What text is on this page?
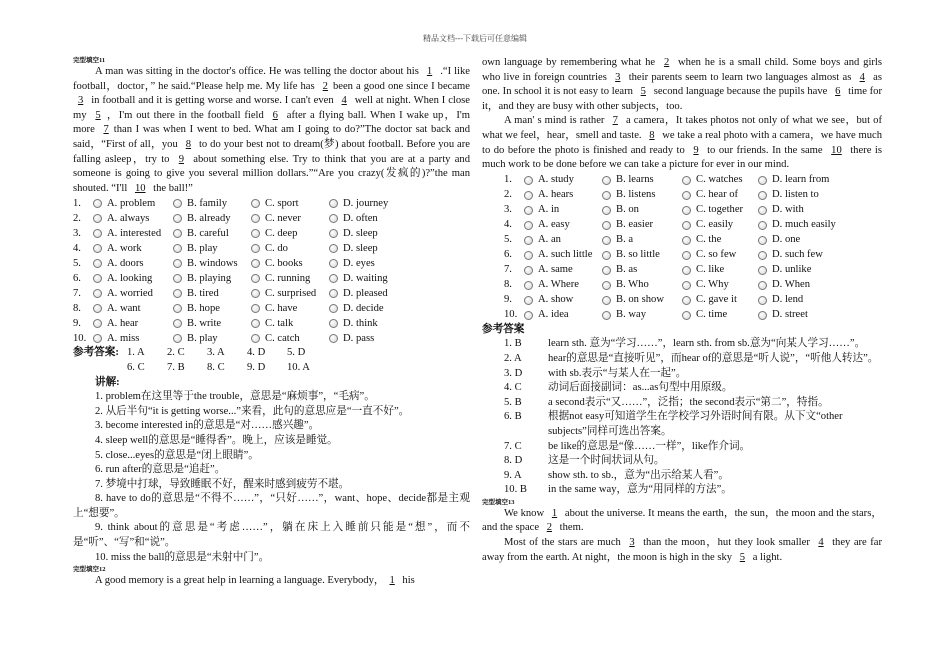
精品文档---下载后可任意编辑
完型填空11
A man was sitting in the doctor's office. He was telling the doctor about his 1 .“I like football，doctor，” he said.“Please help me. My life has 2 been a good one since I became 3 in football and it is getting worse and worse. I can't even 4 well at night. When I close my 5 ，I'm out there in the football field 6 after a flying ball. When I wake up，I'm more 7 than I was when I went to bed. What am I going to do?”The doctor sat back and said，“First of all，you 8 to do your best not to dream(梦) about football. Before you are falling asleep，try to 9 about something else. Try to think that you are at a party and someone is going to give you several million dollars.”“Are you crazy(发疯的)?”the man shouted. “I'll 10 the ball!”
1.	A. problem	B. family	C. sport	D. journey
2.	A. always	B. already	C. never	D. often
3.	A. interested B. careful	C. deep	D. sleep
4.	A. work	B. play	C. do	D. sleep
5.	A. doors	B. windows	C. books	D. eyes
6.	A. looking	B. playing	C. running	D. waiting
7.	A. worried	B. tired	C. surprised	D. pleased
8.	A. want	B. hope	C. have	D. decide
9.	A. hear	B. write	C. talk	D. think
10.	A. miss	B. play	C. catch	D. pass
参考答案: 1. A	2. C	3. A	4. D	5. D
6. C	7. B	8. C	9. D	10. A
讲解:
1. problem在这里等于the trouble，意思是“麻烦事”，“毛病”。
2. 从后半句“it is getting worse...”来看，此句的意思应是“一直不好”。
3. become interested in的意思是“对……感兴趣”。
4. sleep well的意思是“睡得香”。晚上，应该是睡觉。
5. close...eyes的意思是“闭上眼睛”。
6. run after的意思是“追赶”。
7. 梦境中打球，导致睡眠不好，醒来时感到疲劳不堪。
8. have to do的意思是“不得不……”，“只好……”，want、hope、decide都是主观上“想要”。
9. think about的意思是“考虑……”，躺在床上入睡前只能是“想”，而不是“听”、“写”和“说”。
10. miss the ball的意思是“未射中门”。
完型填空12
A good memory is a great help in learning a language. Everybody， 1 his
own language by remembering what he 2 when he is a small child. Some boys and girls who live in foreign countries 3 their parents seem to learn two languages almost as 4 as one. In school it is not easy to learn 5 second language because the pupils have 6 time for it，and they are busy with other subjects，too.
A man' s mind is rather 7 a camera，It takes photos not only of what we see，but of what we feel，hear，smell and taste. 8 we take a real photo with a camera，we have much to do before the photo is finished and ready to 9 to our friends. In the same 10 there is much work to be done before we can take a picture for ever in our mind.
1.	A. study	B. learns	C. watches	D. learn from
2.	A. hears	B. listens	C. hear of	D. listen to
3.	A. in	B. on	C. together	D. with
4.	A. easy	B. easier	C. easily	D. much easily
5.	A. an	B. a	C. the	D. one
6.	A. such little B. so little	C. so few	D. such few
7.	A. same	B. as	C. like	D. unlike
8.	A. Where	B. Who	C. Why	D. When
9.	A. show	B. on show	C. gave it	D. lend
10.	A. idea	B. way	C. time	D. street
参考答案
1. B	learn sth. 意为“学习……”，learn sth. from sb.意为“向某人学习……”。
2. A	hear的意思是“直接听见”，而hear of的意思是“听人说”，“听他人转达”。
3. D	with sb.表示“与某人在一起”。
4. C	动词后面接副词：as...as句型中用原级。
5. B	a second表示“又……”，泛指；the second表示“第二”，特指。
6. B	根据not easy可知道学生在学校学习外语时间有限。从下文“other subjects”同样可选出答案。
7. C	be like的意思是“像……一样”，like作介词。
8. D	这是一个时间状词从句。
9. A	show sth. to sb.，意为“出示给某人看”。
10. B	in the same way，意为“用同样的方法”。
完型填空13
We know 1 about the universe. It means the earth，the sun，the moon and the stars，and the space 2 them.
Most of the stars are much 3 than the moon，hut they look smaller 4 they are far away from the earth. At night，the moon is high in the sky 5 a light.
